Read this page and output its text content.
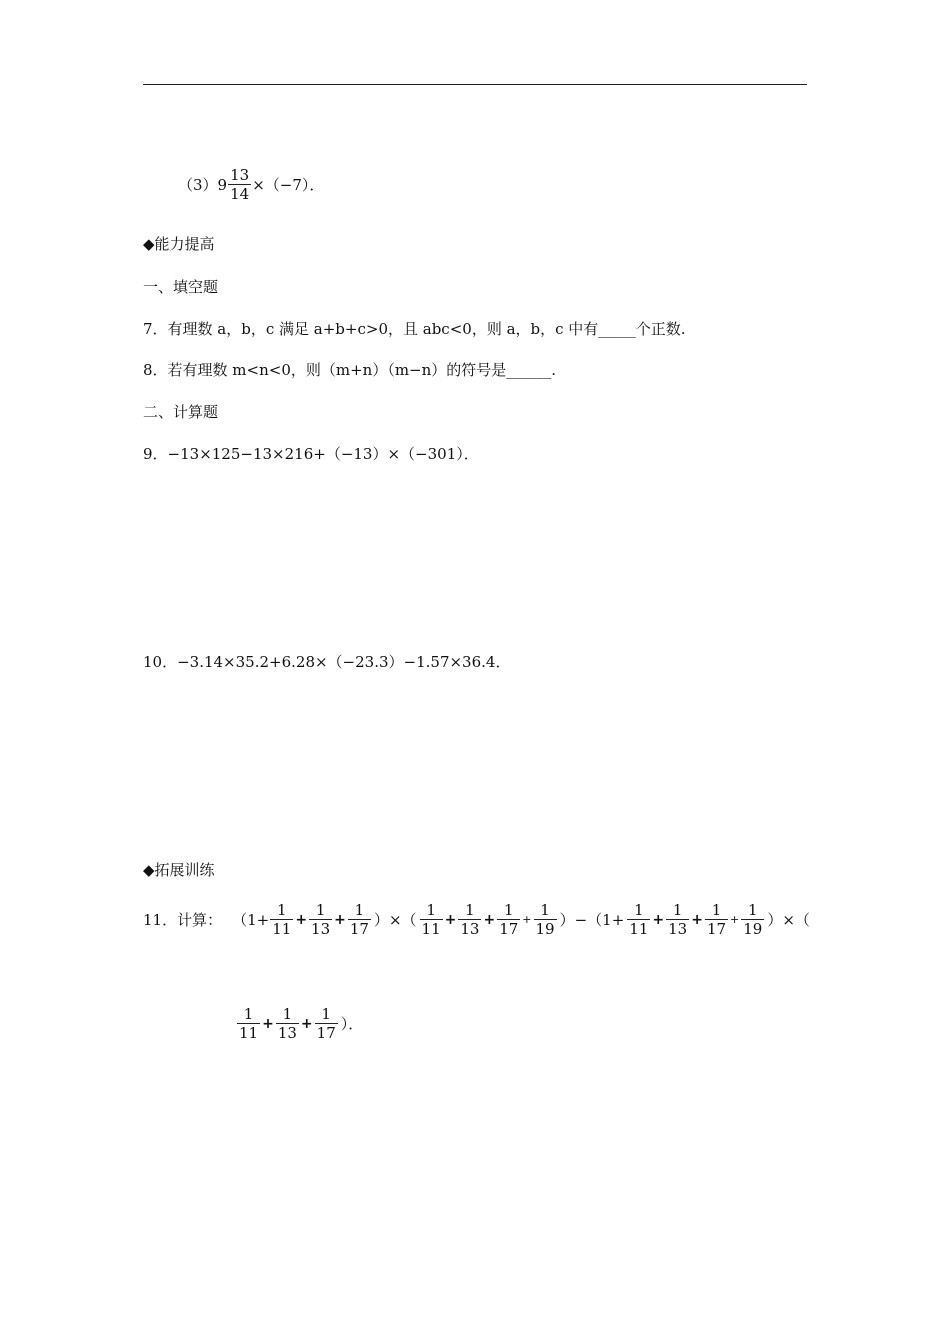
$(3)9 \frac{13}{14} \times(-7)$．
◆能力提高
一、填空题
7．有理数 a，b，c 满足 a+b+c>0，且 abc<0，则 a，b，c 中有_____个正数.
8．若有理数 m<n<0，则（m+n）（m−n）的符号是______.
二、计算题
9．−13×125−13×216+（−13）×（−301）．
10．−3.14×35.2+6.28×（−23.3）−1.57×36.4．
◆拓展训练
11．计算： （$1+ \frac{1}{11} + \frac{1}{13} + \frac{1}{17}$ ）×（ $\frac{1}{11} + \frac{1}{13} + \frac{1}{17} + \frac{1}{19} )-(1+ \frac{1}{11} + \frac{1}{13} + \frac{1}{17} + \frac{1}{19}$ ）×（
$\frac{1}{11} + \frac{1}{13} + \frac{1}{17}$ ）．
